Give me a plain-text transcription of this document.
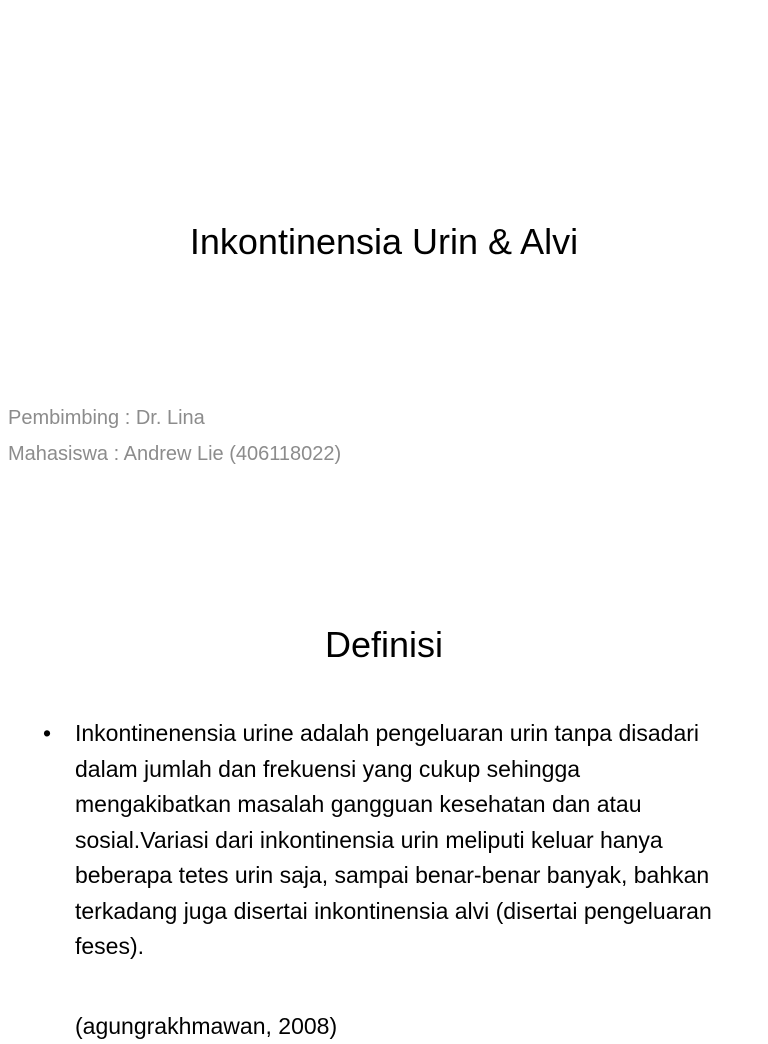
Inkontinensia Urin & Alvi
Pembimbing : Dr. Lina
Mahasiswa : Andrew Lie (406118022)
Definisi
• Inkontinenensia urine adalah pengeluaran urin tanpa disadari dalam jumlah dan frekuensi yang cukup sehingga mengakibatkan masalah gangguan kesehatan dan atau sosial.Variasi dari inkontinensia urin meliputi keluar hanya beberapa tetes urin saja, sampai benar-benar banyak, bahkan terkadang juga disertai inkontinensia alvi (disertai pengeluaran feses).
(agungrakhmawan, 2008)
